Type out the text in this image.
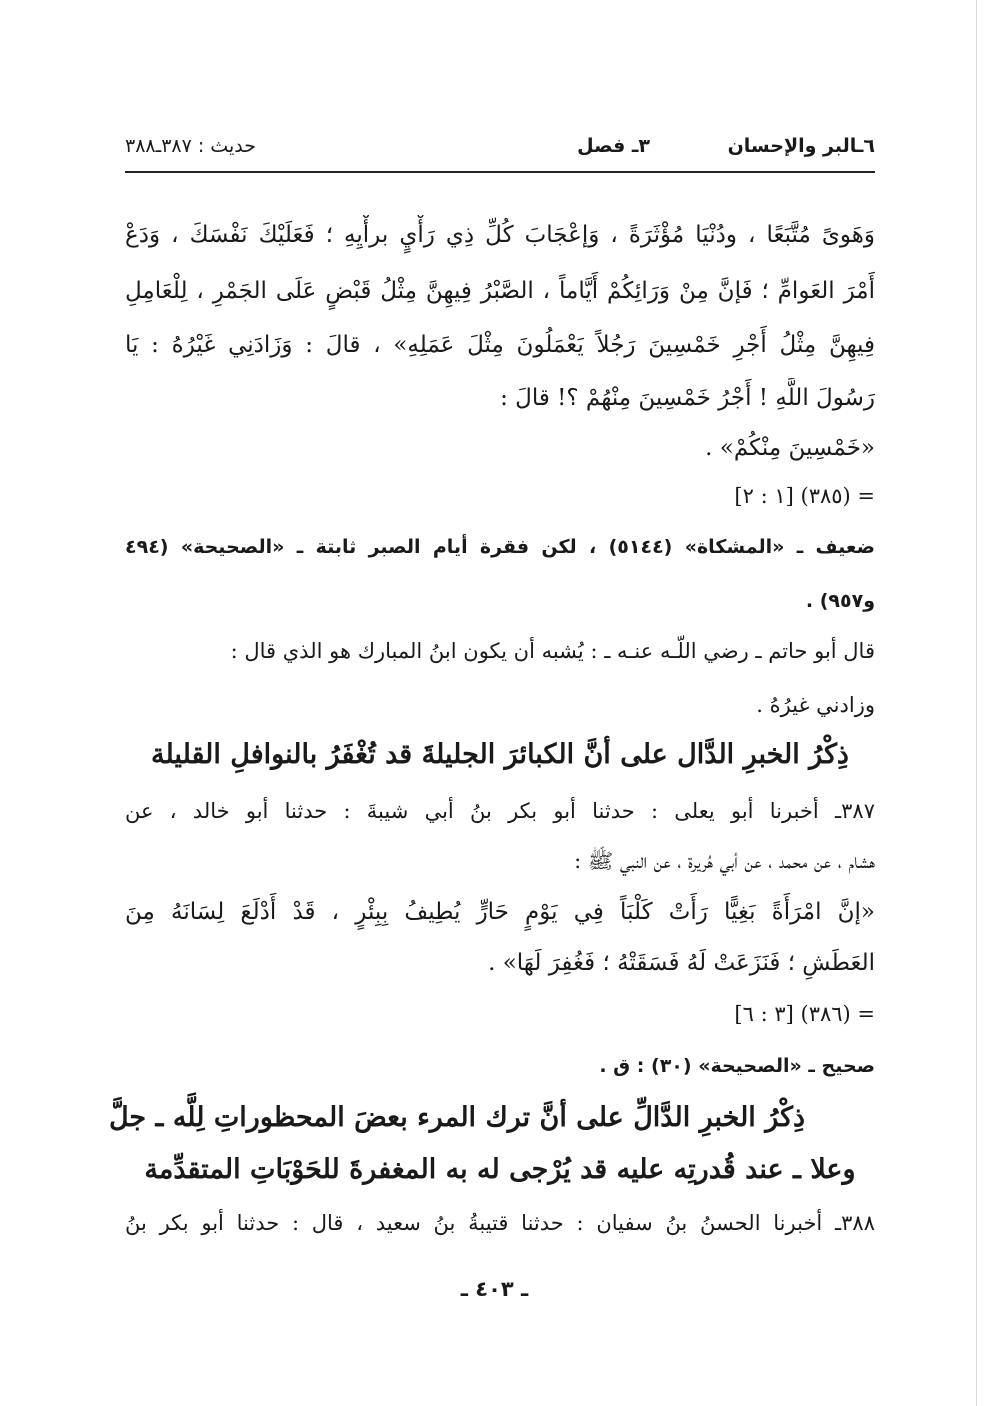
٦ـالبر والإحسان
٣ـ فصل
حديث : ٣٨٧ـ٣٨٨
وَهَوىً مُتَّبَعًا ، ودُنْيَا مُؤْثَرَةً ، وَإعْجَابَ كُلِّ ذِي رَأْيٍ برأْيِهِ ؛ فَعَلَيْكَ نَفْسَكَ ، وَدَعْ
أَمْرَ العَوامِّ ؛ فَإنَّ مِنْ وَرَائِكُمْ أَيَّاماً ، الصَّبْرُ فِيهِنَّ مِثْلُ قَبْضٍ عَلَى الجَمْرِ ، لِلْعَامِلِ
فِيهِنَّ مِثْلُ أَجْرِ خَمْسِينَ رَجُلاً يَعْمَلُونَ مِثْلَ عَمَلِهِ» ، قالَ : وَزَادَنِي غَيْرُهُ : يَا
رَسُولَ اللَّهِ ! أَجْرُ خَمْسِينَ مِنْهُمْ ؟! قالَ :
«خَمْسِينَ مِنْكُمْ» .
= (٣٨٥) [١ : ٢]
ضعيف ـ «المشكاة» (٥١٤٤) ، لكن فقرة أيام الصبر ثابتة ـ «الصحيحة» (٤٩٤
و٩٥٧) .
قال أبو حاتم ـ رضي اللّـه عنـه ـ : يُشبه أن يكون ابنُ المبارك هو الذي قال :
وزادني غيرُهُ .
ذِكْرُ الخبرِ الدَّال على أنَّ الكبائرَ الجليلةَ قد تُغْفَرُ بالنوافلِ القليلة
٣٨٧ـ أخبرنا أبو يعلى : حدثنا أبو بكر بنُ أبي شيبةَ : حدثنا أبو خالد ، عن
هشام ، عن محمد ، عن أبي هُريرة ، عن النبي ﷺ :
«إنَّ امْرَأَةً بَغِيًّا رَأَتْ كَلْبَاً فِي يَوْمٍ حَارٍّ يُطِيفُ بِبِئْرٍ ، قَدْ أَدْلَعَ لِسَانَهُ مِنَ
العَطَشِ ؛ فَنَزَعَتْ لَهُ فَسَقَتْهُ ؛ فَغُفِرَ لَهَا» .
= (٣٨٦) [٣ : ٦]
صحيح ـ «الصحيحة» (٣٠) : ق .
ذِكْرُ الخبرِ الدَّالِّ على أنَّ ترك المرء بعضَ المحظوراتِ لِلَّه ـ جلَّ
وعلا ـ عند قُدرتِه عليه قد يُرْجى له به المغفرةَ للحَوْبَاتِ المتقدِّمة
٣٨٨ـ أخبرنا الحسنُ بنُ سفيان : حدثنا قتيبةُ بنُ سعيد ، قال : حدثنا أبو بكر بنُ
ـ ٤٠٣ ـ
